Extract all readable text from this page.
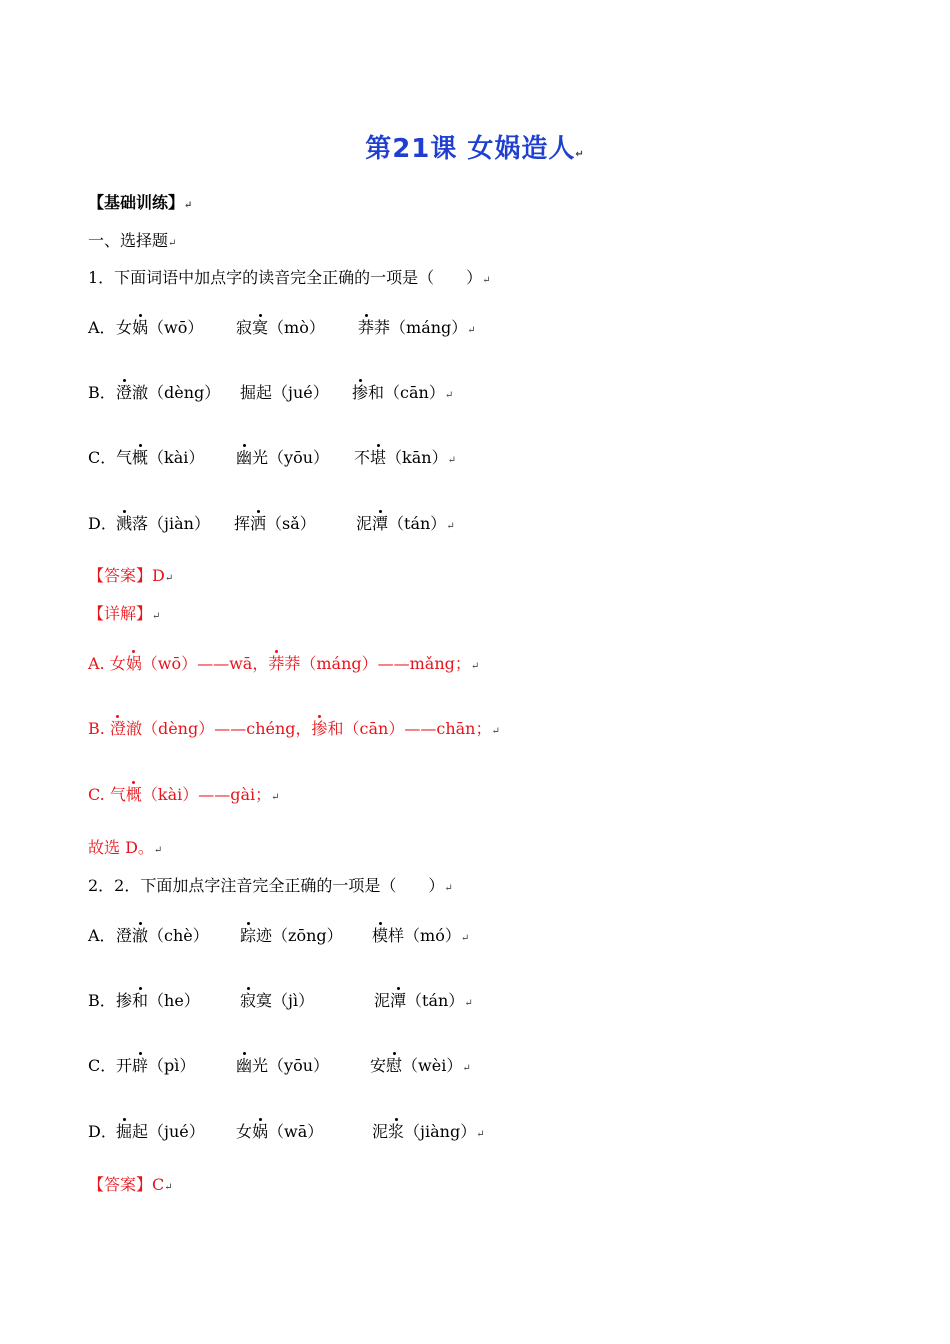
第21课 女娲造人↵
【基础训练】↵
一、选择题↵
1．下面词语中加点字的读音完全正确的一项是（　　）↵
A． 女娲（wō） 寂寞（mò） 莽莽（máng）↵
B． 澄澈（dèng） 掘起（jué） 掺和（cān）↵
C． 气概（kài） 幽光（yōu） 不堪（kān）↵
D． 溅落（jiàn） 挥洒（sǎ）	泥潭（tán）↵
【答案】D↵
【详解】↵
A. 女娲（wō）——wā，莽莽（máng）——mǎng；↵
B. 澄澈（dèng）——chéng，掺和（cān）——chān；↵
C. 气概（kài）——gài；↵
故选 D。↵
2．2．下面加点字注音完全正确的一项是（　　）↵
A． 澄澈（chè） 踪迹（zōng） 模样（mó）↵
B． 掺和（he）	寂寞（jì）	泥潭（tán）↵
C． 开辟（pì）	幽光（yōu）	安慰（wèi）↵
D． 掘起（jué） 女娲（wā）	泥浆（jiàng）↵
【答案】C↵
